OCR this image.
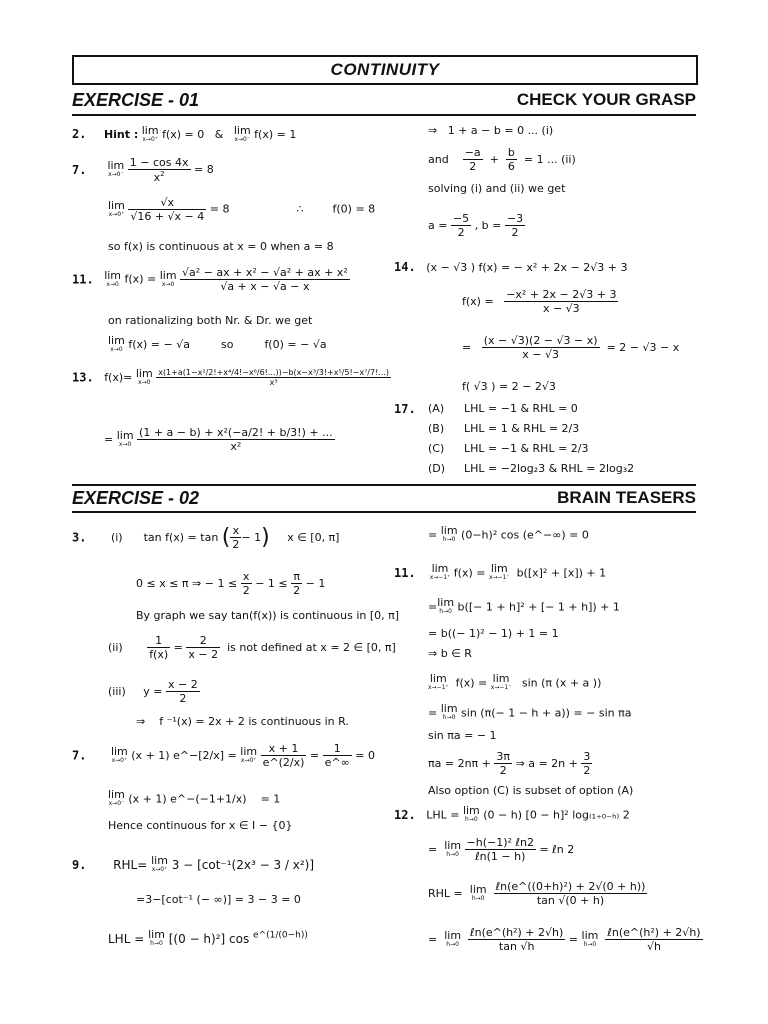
CONTINUITY
EXERCISE - 01	CHECK YOUR GRASP
2. Hint : lim
x→0⁺ f(x) = 0 & lim
x→0⁻ f(x) = 1
7. lim
x→0⁻
$\frac{1 - \cos 4x}{x^2} = 8$
lim
x→0⁺
$\frac{√x}{√16 + √x - 4} = 8$	∴	f(0) = 8
so f(x) is continuous at x = 0 when a = 8
11. lim
x→0 f(x) = lim
x→0
$\frac{\text{√a² − ax + x² − √a² + ax + x²}}{√a + x - √a - x}$
on rationalizing both Nr. & Dr. we get
lim
x→0 f(x) = − √a	so	f(0) = − √a
13. f(x)= lim
x→0
$\frac{\text{x(1+a(1−x²/2!+x⁴/4!−x⁶/6!...))−b(x−x³/3!+x⁵/5!−x⁷/7!...)}}{\text{x³}}$
= lim
x→0
$\frac{\text{(1 + a − b) + x²(−a/2! + b/3!) + ...}}{\text{x²}}$
⇒ 1 + a − b = 0 ... (i)
and $\frac{-a}{2} + \frac{b}{6} = 1$ ... (ii)
solving (i) and (ii) we get
$a = \frac{-5}{2}$ , $b = \frac{-3}{2}$
14. (x − √3 ) f(x) = − x² + 2x − 2√3 + 3
$f(x) = \frac{\text{−x² + 2x − 2√3 + 3}}{x - √3}$
= $\frac{(x - √3)(2 - √3 - x)}{x - √3} = 2 - √3 - x$
f( √3 ) = 2 − 2√3
17. (A) LHL = −1 & RHL = 0
(B) LHL = 1 & RHL = 2/3
(C) LHL = −1 & RHL = 2/3
(D) LHL = −2log₂3 & RHL = 2log₃2
EXERCISE - 02	BRAIN TEASERS
3. (i) tan f(x) = tan ( $\frac{x}{2} - 1$) x ∈ [0, π]
0 ≤ x ≤ π ⇒ − $1 \le \frac{x}{2} - 1 \le \frac{\pi}{2} - 1$
By graph we say tan(f(x)) is continuous in [0, π]
$(ii) \frac{1}{f(x)} = \frac{2}{x - 2}$ is not defined at x = 2 ∈ [0, π]
(iii) $y = \frac{x - 2}{2}$
⇒ f ⁻¹(x) = 2x + 2 is continuous in R.
7. lim
x→0⁺ (x + 1) e^−[2/x] = lim
x→0⁺
$\frac{x + 1}{e\^{}(2/x)} = \frac{1}{e\^{}\infty} = 0$
lim
x→0⁻ (x + 1) e^−(−1+1/x) = 1
Hence continuous for x ∈ I − {0}
9. RHL= lim
x→0⁺ 3 − [cot⁻¹(2x³ − 3 / x²)]
=3−[cot⁻¹ (− ∞)] = 3 − 3 = 0
LHL = lim
h→0 [(0 − h)²] cos $^{e\^{}(1/(0-h))}$
= lim
h→0 (0−h)² cos (e^−∞) = 0
11. lim
x→−1⁺ f(x) = lim
x→−1⁻ b([x]² + [x]) + 1
= lim
h→0 b([− 1 + h]² + [− 1 + h]) + 1
= b((− 1)² − 1) + 1 = 1
⇒ b ∈ R
lim
x→−1⁺ f(x) = lim
x→−1⁻ sin (π (x + a ))
= lim
h→0 sin (π(− 1 − h + a)) = − sin πa
sin πa = − 1
$\pi a = 2n\pi + \frac{3\pi}{2}$ ⇒ $a = 2n + \frac{3}{2}$
Also option (C) is subset of option (A)
12. LHL = lim
h→0 (0 − h) [0 − h]² log₍₁₊₀₋ₕ₎ 2
= lim
h→0

−h(−1)² ℓn2
ℓn(1 − h)
= ℓn 2
RHL = lim
h→0

ℓn(e^((0+h)²) + 2√(0 + h))
tan √(0 + h)
= lim
h→0

ℓn(e^(h²) + 2√h)
tan √h
= lim
h→0

ℓn(e^(h²) + 2√h)
√h
